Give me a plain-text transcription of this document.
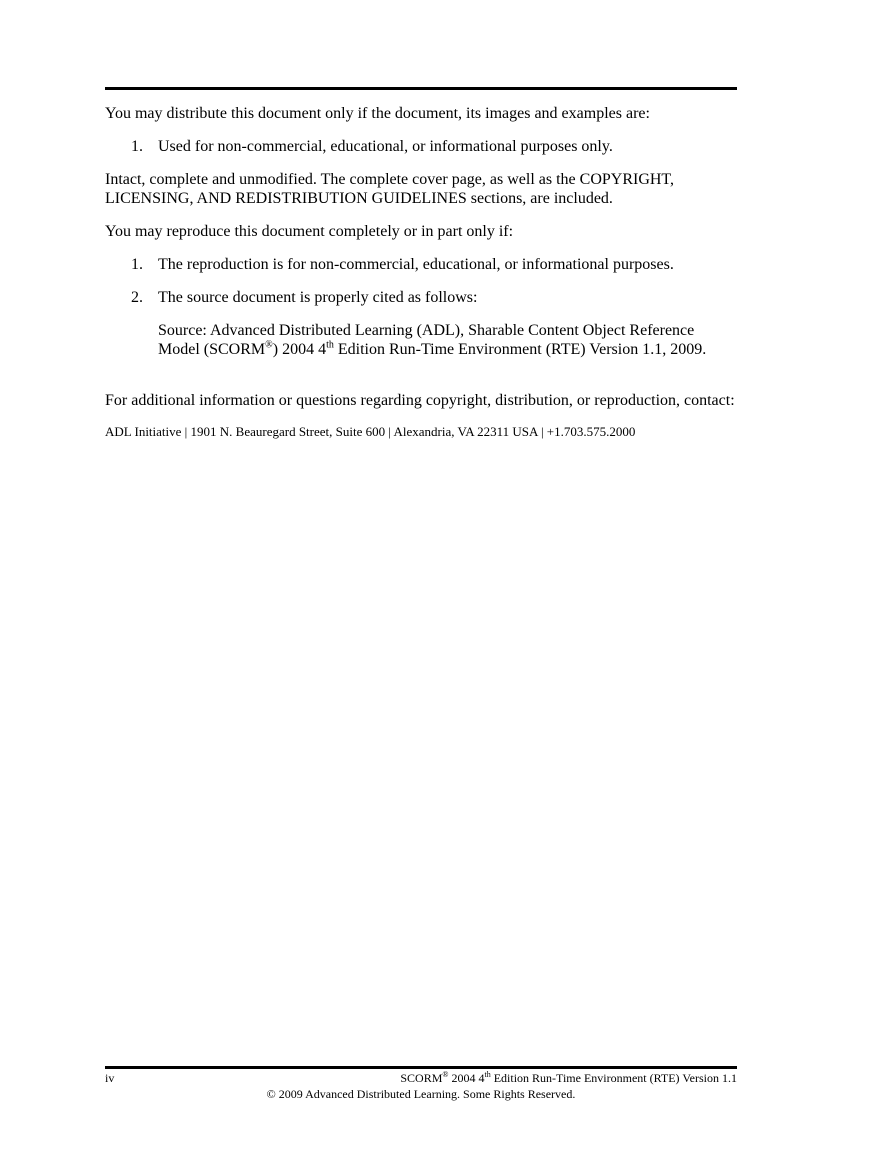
You may distribute this document only if the document, its images and examples are:

1. Used for non-commercial, educational, or informational purposes only.

Intact, complete and unmodified. The complete cover page, as well as the COPYRIGHT, LICENSING, AND REDISTRIBUTION GUIDELINES sections, are included.

You may reproduce this document completely or in part only if:

1. The reproduction is for non-commercial, educational, or informational purposes.
2. The source document is properly cited as follows:

Source: Advanced Distributed Learning (ADL), Sharable Content Object Reference Model (SCORM®) 2004 4th Edition Run-Time Environment (RTE) Version 1.1, 2009.

For additional information or questions regarding copyright, distribution, or reproduction, contact:

ADL Initiative | 1901 N. Beauregard Street, Suite 600 | Alexandria, VA 22311 USA | +1.703.575.2000

iv	SCORM® 2004 4th Edition Run-Time Environment (RTE) Version 1.1
© 2009 Advanced Distributed Learning. Some Rights Reserved.
